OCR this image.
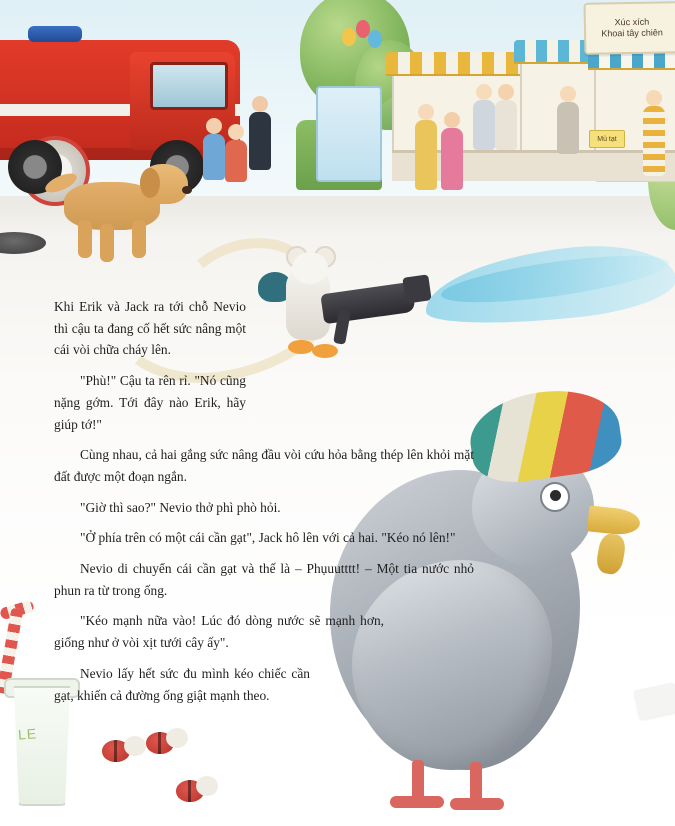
Xúc xích
Khoai tây chiên
Mù tạt
LE

Khi Erik và Jack ra tới chỗ Nevio thì cậu ta đang cố hết sức nâng một cái vòi chữa cháy lên.

"Phù!" Cậu ta rên rỉ. "Nó cũng nặng gớm. Tới đây nào Erik, hãy giúp tớ!"

Cùng nhau, cả hai gắng sức nâng đầu vòi cứu hỏa bằng thép lên khỏi mặt đất được một đoạn ngắn.

"Giờ thì sao?" Nevio thở phì phò hỏi.

"Ở phía trên có một cái cần gạt", Jack hô lên với cả hai. "Kéo nó lên!"

Nevio di chuyển cái cần gạt và thế là – Phụuutttt! – Một tia nước nhỏ phun ra từ trong ống.

"Kéo mạnh nữa vào! Lúc đó dòng nước sẽ mạnh hơn, giống như ở vòi xịt tưới cây ấy".

Nevio lấy hết sức đu mình kéo chiếc cần gạt, khiến cả đường ống giật mạnh theo.
